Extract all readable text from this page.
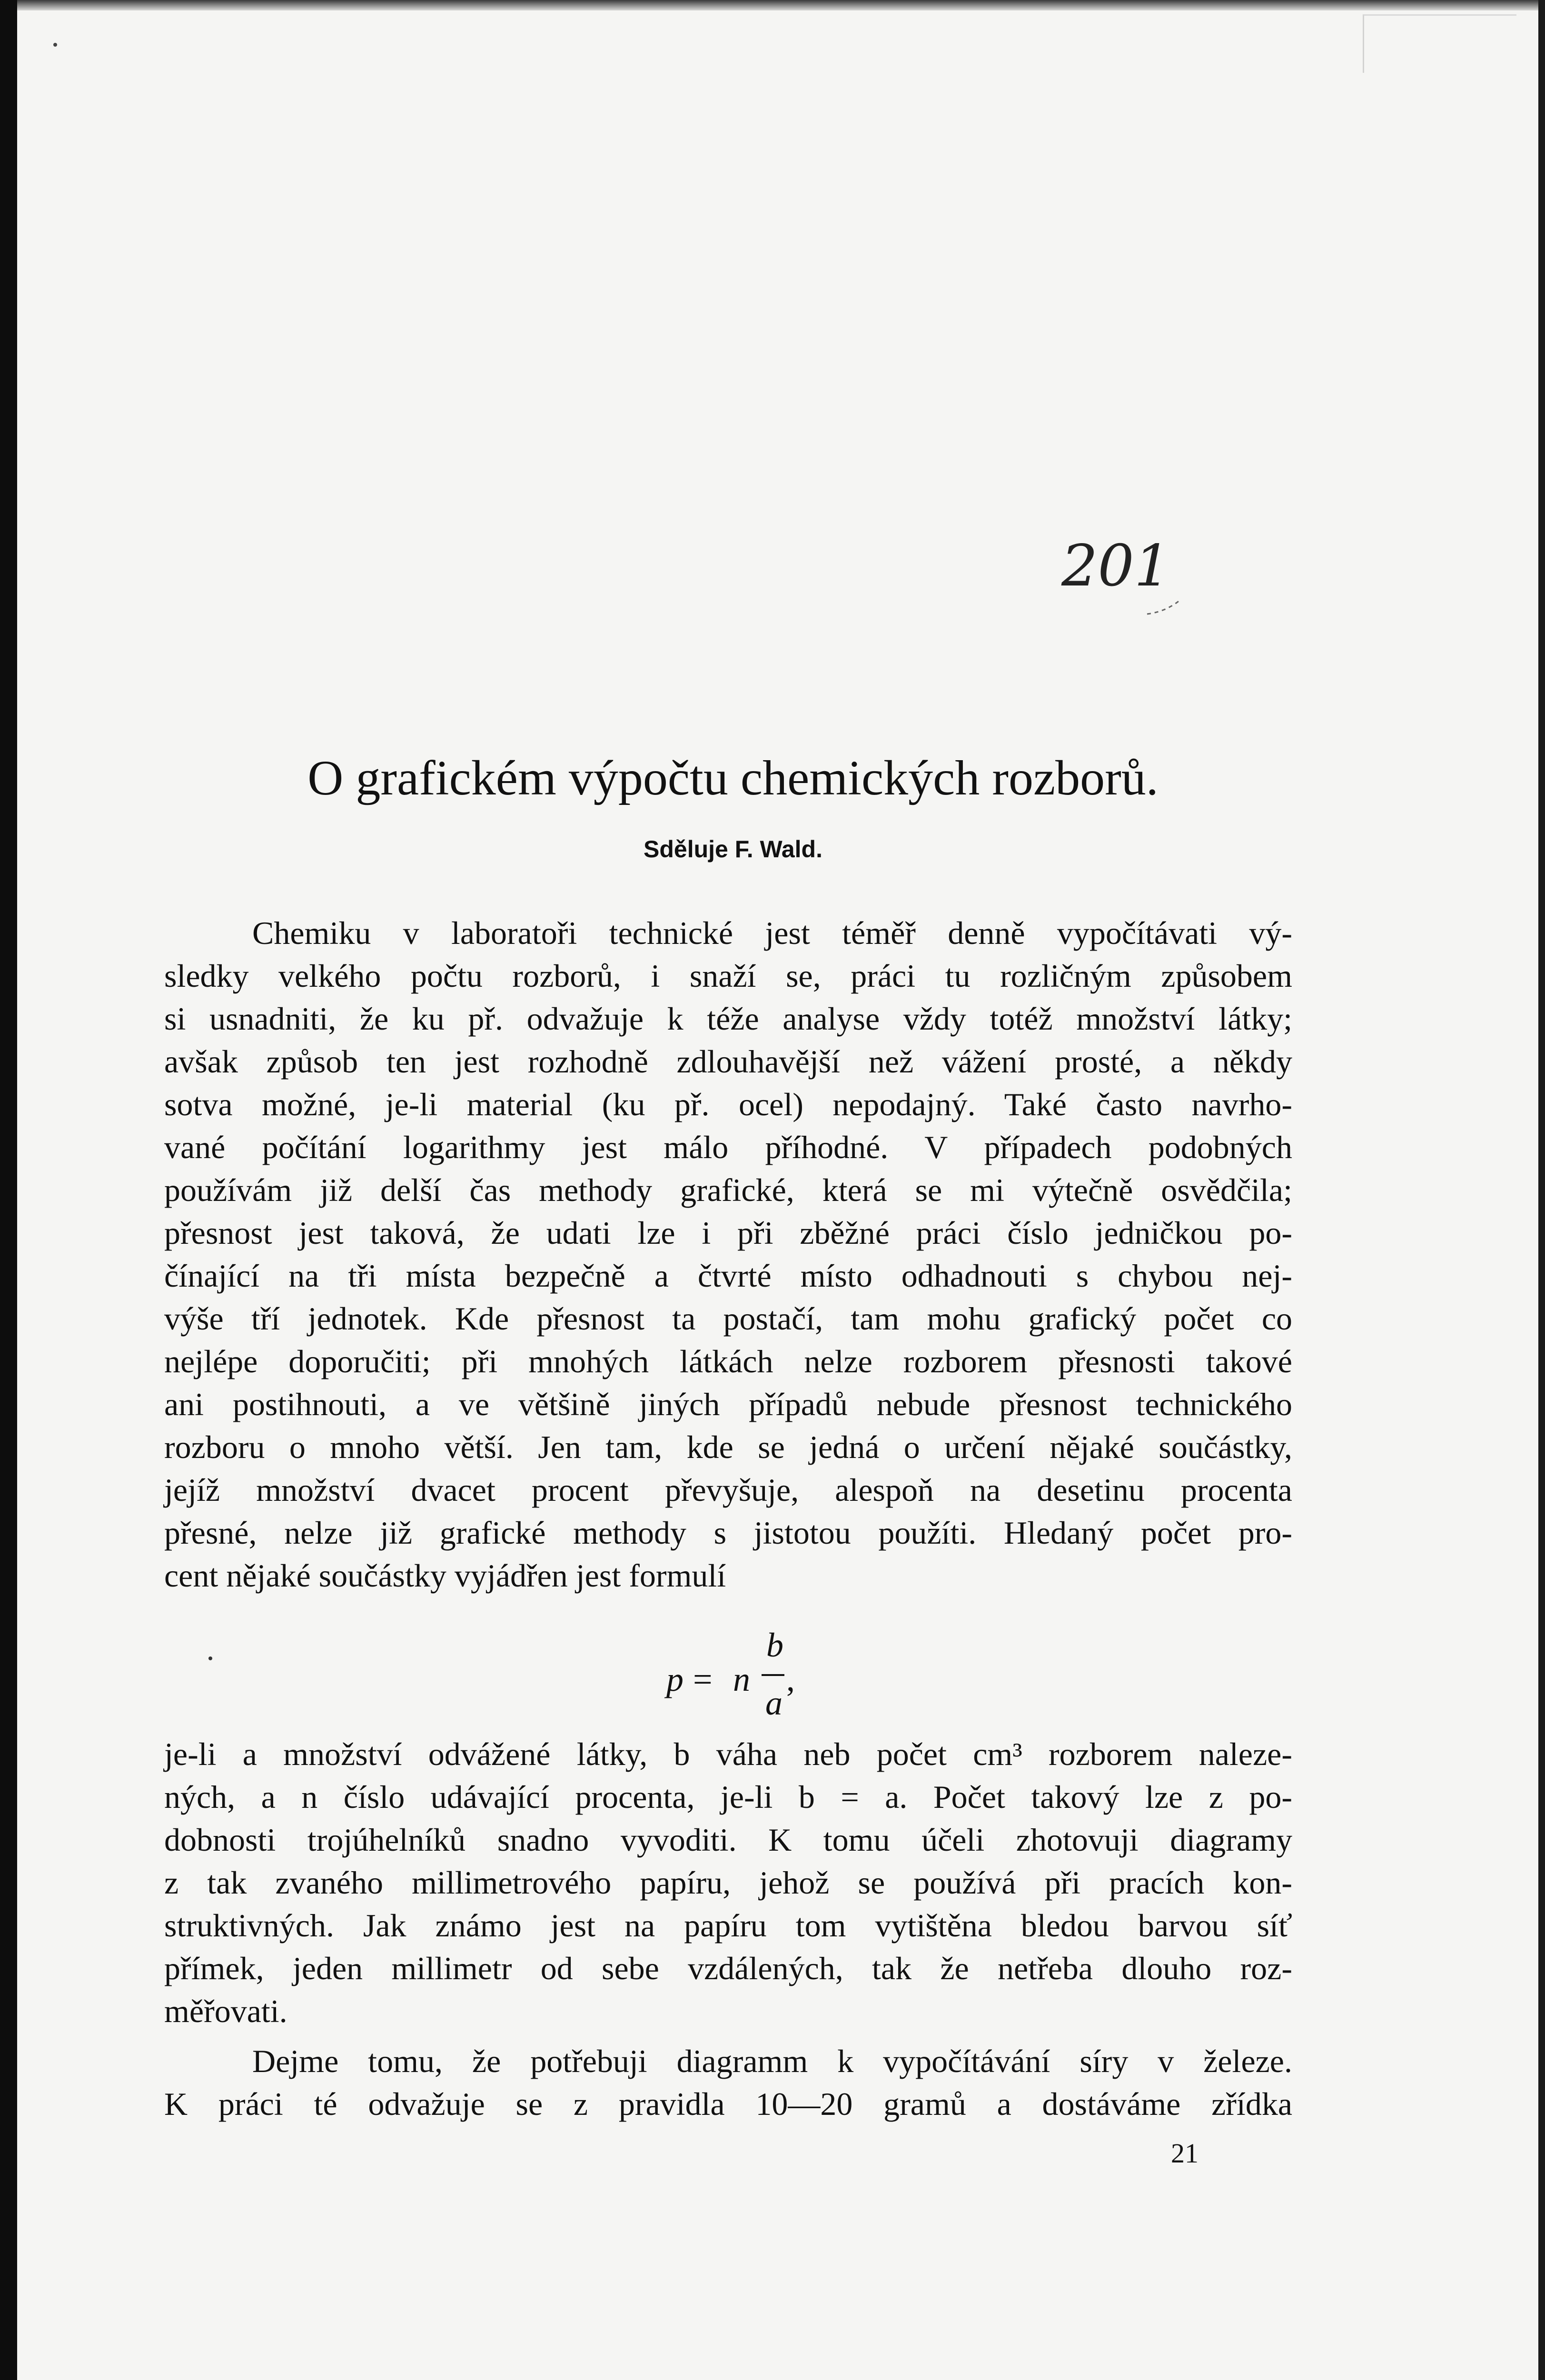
201
O grafickém výpočtu chemických rozborů.
Sděluje F. Wald.
Chemiku v laboratoři technické jest téměř denně vypočítávati vý-
sledky velkého počtu rozborů, i snaží se, práci tu rozličným způsobem
si usnadniti, že ku př. odvažuje k téže analyse vždy totéž množství látky;
avšak způsob ten jest rozhodně zdlouhavější než vážení prosté, a někdy
sotva možné, je-li material (ku př. ocel) nepodajný. Také často navrho-
vané počítání logarithmy jest málo příhodné. V případech podobných
používám již delší čas methody grafické, která se mi výtečně osvědčila;
přesnost jest taková, že udati lze i při zběžné práci číslo jedničkou po-
čínající na tři místa bezpečně a čtvrté místo odhadnouti s chybou nej-
výše tří jednotek. Kde přesnost ta postačí, tam mohu grafický počet co
nejlépe doporučiti; při mnohých látkách nelze rozborem přesnosti takové
ani postihnouti, a ve většině jiných případů nebude přesnost technického
rozboru o mnoho větší. Jen tam, kde se jedná o určení nějaké součástky,
jejíž množství dvacet procent převyšuje, alespoň na desetinu procenta
přesné, nelze již grafické methody s jistotou použíti. Hledaný počet pro-
cent nějaké součástky vyjádřen jest formulí
p = n
b
a
,
je-li a množství odvážené látky, b váha neb počet cm³ rozborem naleze-
ných, a n číslo udávající procenta, je-li b = a. Počet takový lze z po-
dobnosti trojúhelníků snadno vyvoditi. K tomu účeli zhotovuji diagramy
z tak zvaného millimetrového papíru, jehož se používá při pracích kon-
struktivných. Jak známo jest na papíru tom vytištěna bledou barvou síť
přímek, jeden millimetr od sebe vzdálených, tak že netřeba dlouho roz-
měřovati.
Dejme tomu, že potřebuji diagramm k vypočítávání síry v železe.
K práci té odvažuje se z pravidla 10—20 gramů a dostáváme zřídka
21
